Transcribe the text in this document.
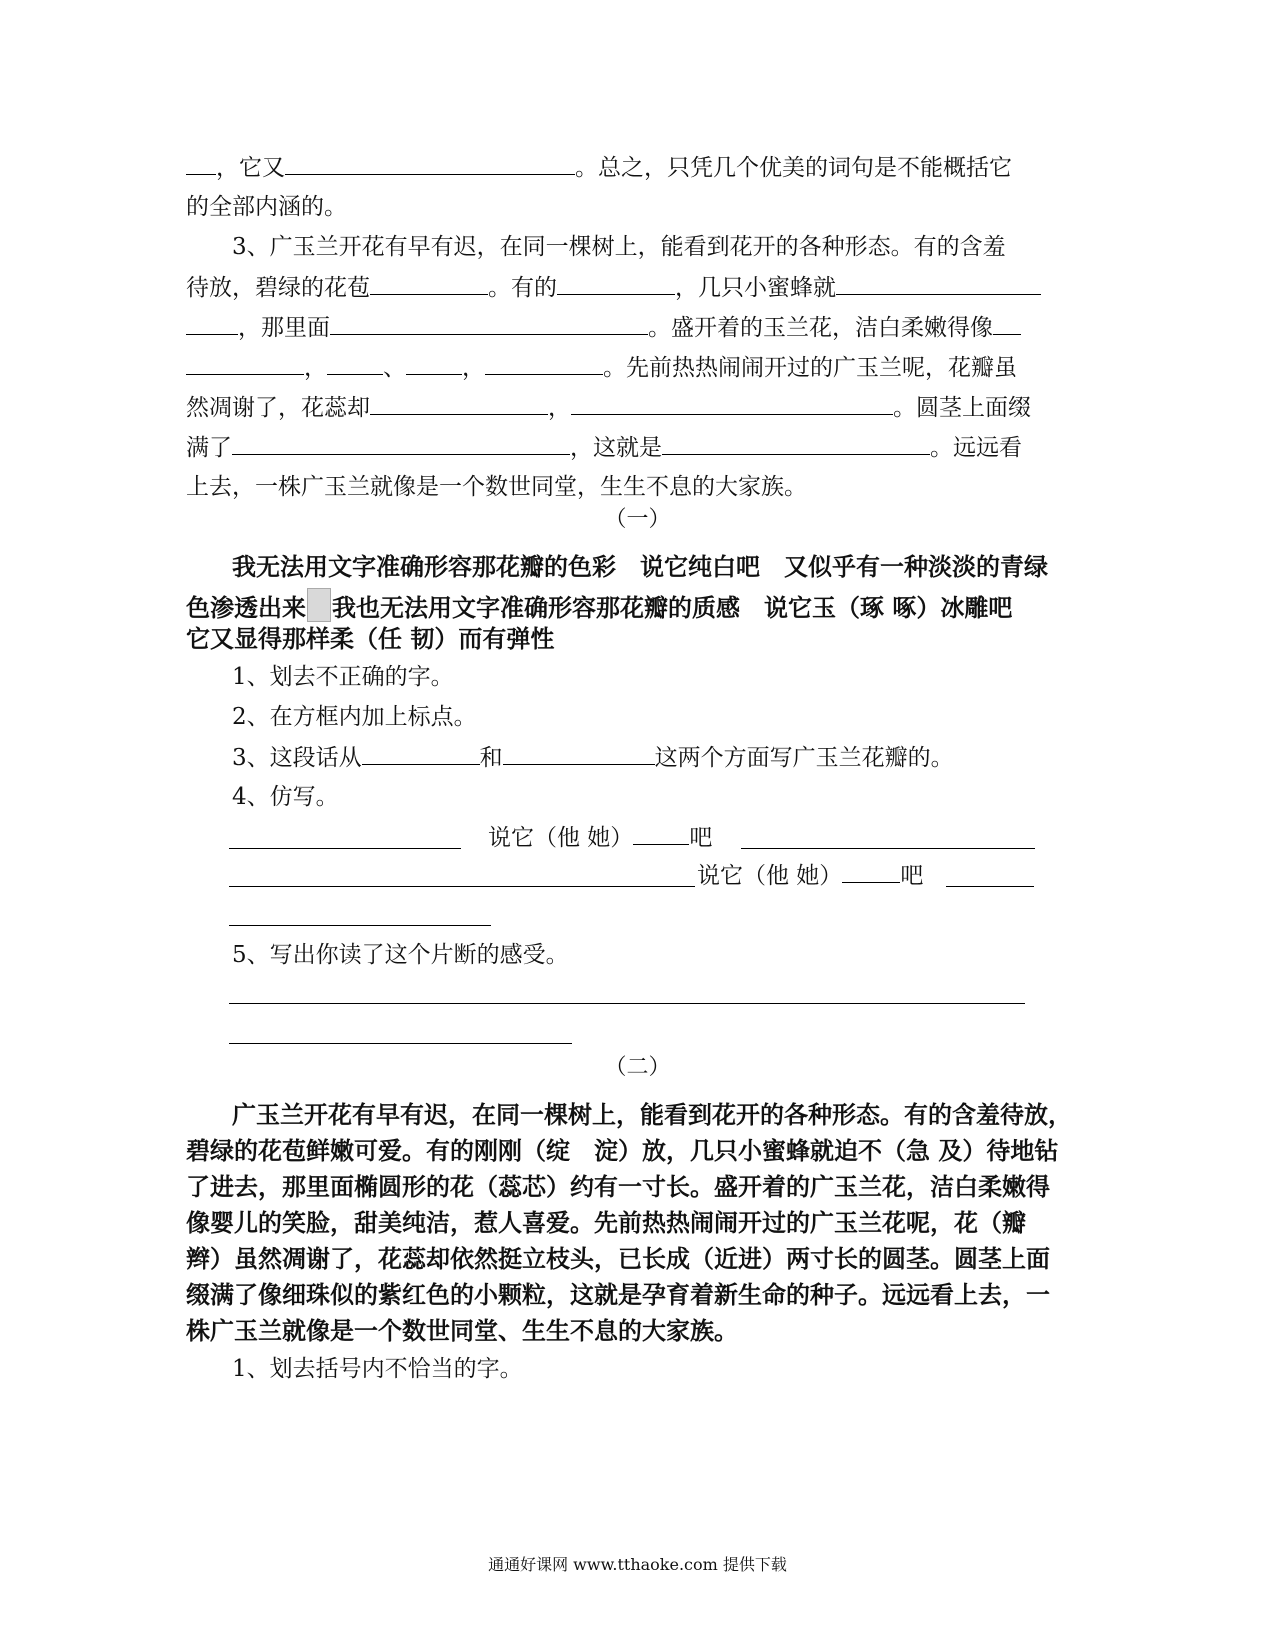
，它又	。总之，只凭几个优美的词句是不能概括它
的全部内涵的。
3、广玉兰开花有早有迟，在同一棵树上，能看到花开的各种形态。有的含羞
待放，碧绿的花苞	。有的	，几只小蜜蜂就
，那里面	。盛开着的玉兰花，洁白柔嫩得像
， 、 ，	。先前热热闹闹开过的广玉兰呢，花瓣虽
然凋谢了，花蕊却	，	。圆茎上面缀
满了	，这就是	。远远看
上去，一株广玉兰就像是一个数世同堂，生生不息的大家族。
（一）
我无法用文字准确形容那花瓣的色彩　说它纯白吧　又似乎有一种淡淡的青绿
色渗透出来 我也无法用文字准确形容那花瓣的质感　说它玉（琢 啄）冰雕吧
它又显得那样柔（任 韧）而有弹性
1、划去不正确的字。
2、在方框内加上标点。
3、这段话从	和	这两个方面写广玉兰花瓣的。
4、仿写。
说它（他 她） 吧
说它（他 她）	吧
5、写出你读了这个片断的感受。
（二）
广玉兰开花有早有迟，在同一棵树上，能看到花开的各种形态。有的含羞待放，
碧绿的花苞鲜嫩可爱。有的刚刚（绽　淀）放，几只小蜜蜂就迫不（急 及）待地钻
了进去，那里面椭圆形的花（蕊芯）约有一寸长。盛开着的广玉兰花，洁白柔嫩得
像婴儿的笑脸，甜美纯洁，惹人喜爱。先前热热闹闹开过的广玉兰花呢，花（瓣
辫）虽然凋谢了，花蕊却依然挺立枝头，已长成（近进）两寸长的圆茎。圆茎上面
缀满了像细珠似的紫红色的小颗粒，这就是孕育着新生命的种子。远远看上去，一
株广玉兰就像是一个数世同堂、生生不息的大家族。
1、划去括号内不恰当的字。
通通好课网 www.tthaoke.com 提供下载
